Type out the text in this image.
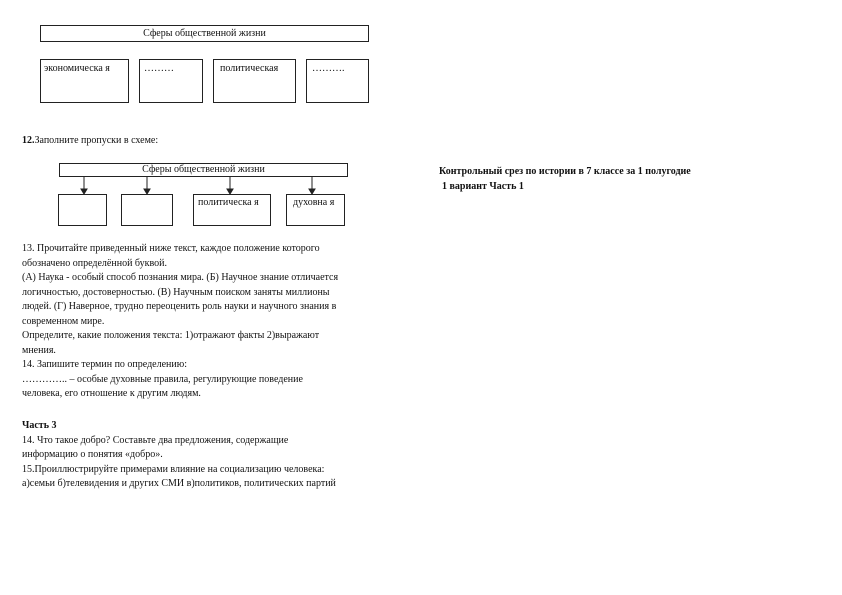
Сферы общественной жизни
экономическа я	………	политическая	……….
12.Заполните пропуски в схеме:
Сферы общественной жизни
политическа я	духовна я
13. Прочитайте приведенный ниже текст, каждое положение которого
обозначено определённой буквой.
(А) Наука - особый способ познания мира. (Б) Научное знание отличается
логичностью, достоверностью. (В) Научным поиском заняты миллионы
людей. (Г) Наверное, трудно переоценить роль науки и научного знания в
современном мире.
Определите, какие положения текста: 1)отражают факты 2)выражают
мнения.
14. Запишите термин по определению:
………….. – особые духовные правила, регулирующие поведение
человека, его отношение к другим людям.
Часть 3
14. Что такое добро? Составьте два предложения, содержащие
информацию о понятия «добро».
15.Проиллюстрируйте примерами влияние на социализацию человека:
а)семьи б)телевидения и других СМИ в)политиков, политических партий
Контрольный срез по истории в 7 классе за 1 полугодие
1 вариант Часть 1
